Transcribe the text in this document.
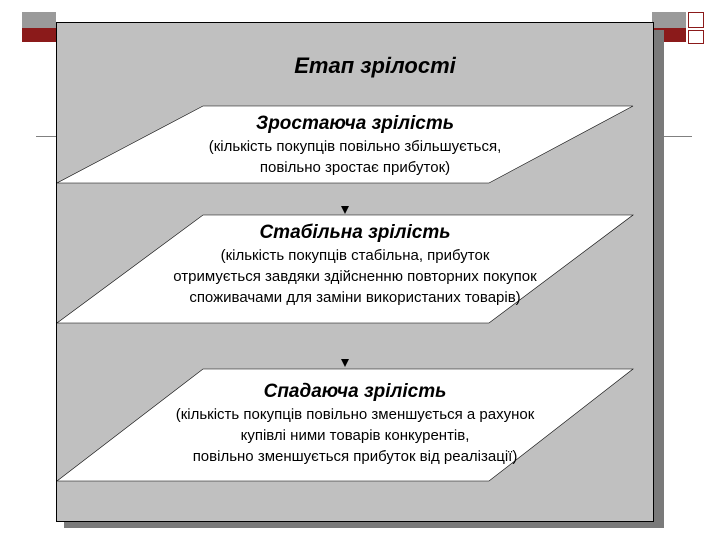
Етап зрілості
Зростаюча зрілість
(кількість покупців повільно збільшується,
повільно зростає прибуток)
Стабільна зрілість
(кількість покупців стабільна, прибуток
отримується завдяки здійсненню повторних покупок
споживачами для заміни використаних товарів)
Спадаюча зрілість
(кількість покупців повільно зменшується а рахунок
купівлі ними товарів конкурентів,
повільно зменшується прибуток від реалізації)
